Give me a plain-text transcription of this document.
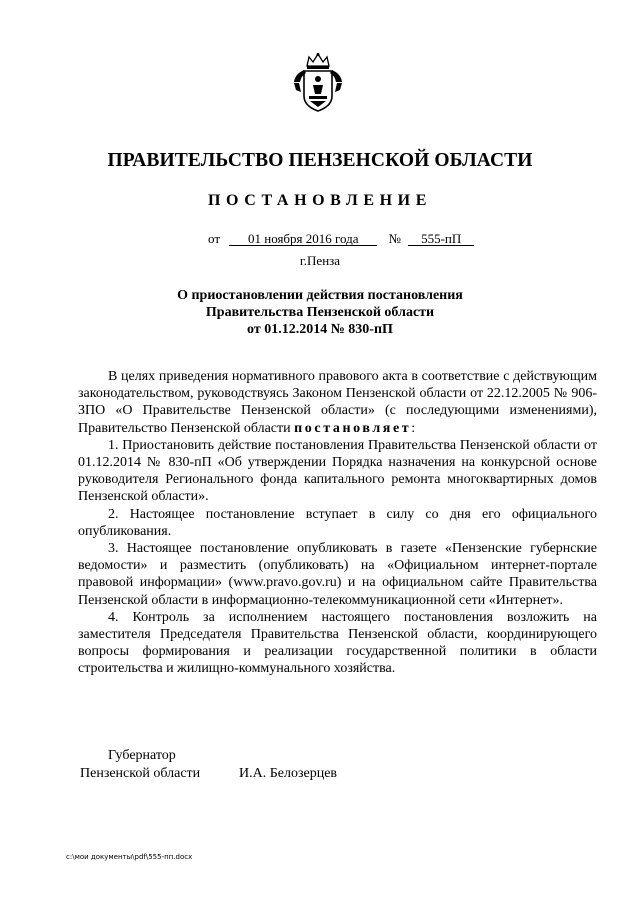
ПРАВИТЕЛЬСТВО ПЕНЗЕНСКОЙ ОБЛАСТИ
ПОСТАНОВЛЕНИЕ
от 01 ноября 2016 года № 555-пП
г.Пенза
О приостановлении действия постановления
Правительства Пензенской области
от 01.12.2014 № 830-пП

В целях приведения нормативного правового акта в соответствие с действующим законодательством, руководствуясь Законом Пензенской области от 22.12.2005 № 906-ЗПО «О Правительстве Пензенской области» (с последующими изменениями), Правительство Пензенской области постановляет:

1. Приостановить действие постановления Правительства Пензенской области от 01.12.2014 № 830-пП «Об утверждении Порядка назначения на конкурсной основе руководителя Регионального фонда капитального ремонта многоквартирных домов Пензенской области».

2. Настоящее постановление вступает в силу со дня его официального опубликования.

3. Настоящее постановление опубликовать в газете «Пензенские губернские ведомости» и разместить (опубликовать) на «Официальном интернет-портале правовой информации» (www.pravo.gov.ru) и на официальном сайте Правительства Пензенской области в информационно-телекоммуникационной сети «Интернет».

4. Контроль за исполнением настоящего постановления возложить на заместителя Председателя Правительства Пензенской области, координирующего вопросы формирования и реализации государственной политики в области строительства и жилищно-коммунального хозяйства.

Губернатор
Пензенской области	И.А. Белозерцев
c:\мои документы\pdf\555-пп.docx
